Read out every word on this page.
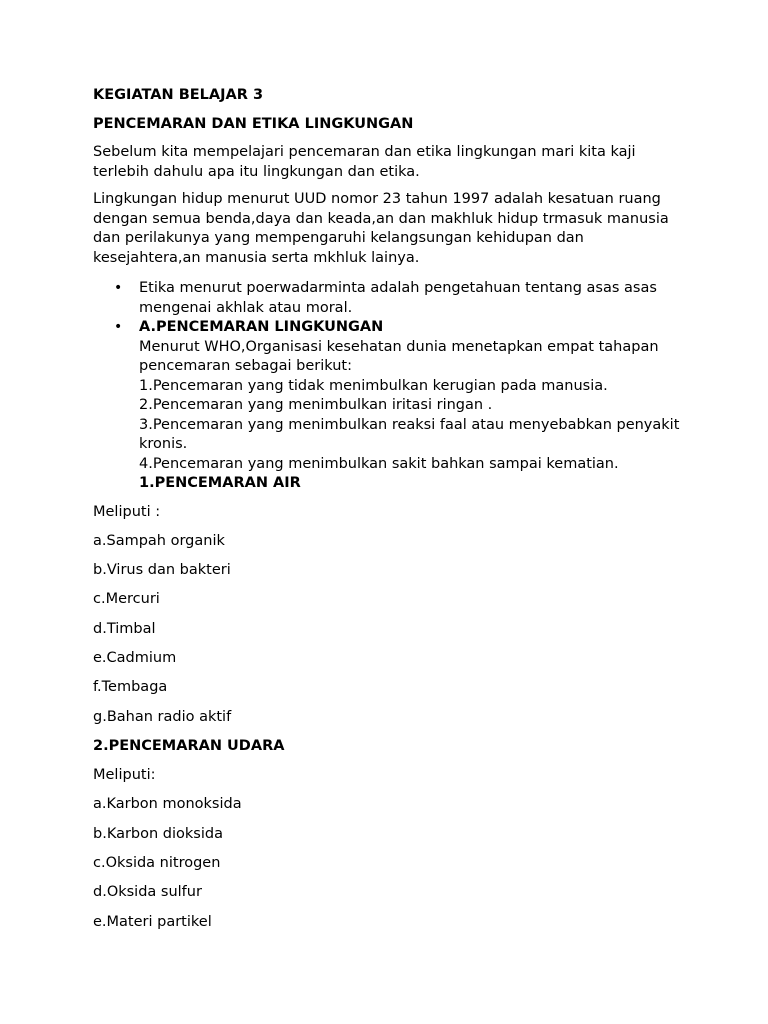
KEGIATAN BELAJAR 3
PENCEMARAN DAN ETIKA LINGKUNGAN

Sebelum kita mempelajari pencemaran dan etika lingkungan mari kita kaji terlebih dahulu apa itu lingkungan dan etika.

Lingkungan hidup menurut UUD nomor 23 tahun 1997 adalah kesatuan ruang dengan semua benda,daya dan keada,an dan makhluk hidup trmasuk manusia dan perilakunya yang mempengaruhi kelangsungan kehidupan dan kesejahtera,an manusia serta mkhluk lainya.

• Etika menurut poerwadarminta adalah pengetahuan tentang asas asas mengenai akhlak atau moral.
• A.PENCEMARAN LINGKUNGAN
Menurut WHO,Organisasi kesehatan dunia menetapkan empat tahapan pencemaran sebagai berikut:
1.Pencemaran yang tidak menimbulkan kerugian pada manusia.
2.Pencemaran yang menimbulkan iritasi ringan .
3.Pencemaran yang menimbulkan reaksi faal atau menyebabkan penyakit kronis.
4.Pencemaran yang menimbulkan sakit bahkan sampai kematian.
1.PENCEMARAN AIR
Meliputi :
a.Sampah organik
b.Virus dan bakteri
c.Mercuri
d.Timbal
e.Cadmium
f.Tembaga
g.Bahan radio aktif
2.PENCEMARAN UDARA
Meliputi:
a.Karbon monoksida
b.Karbon dioksida
c.Oksida nitrogen
d.Oksida sulfur
e.Materi partikel
